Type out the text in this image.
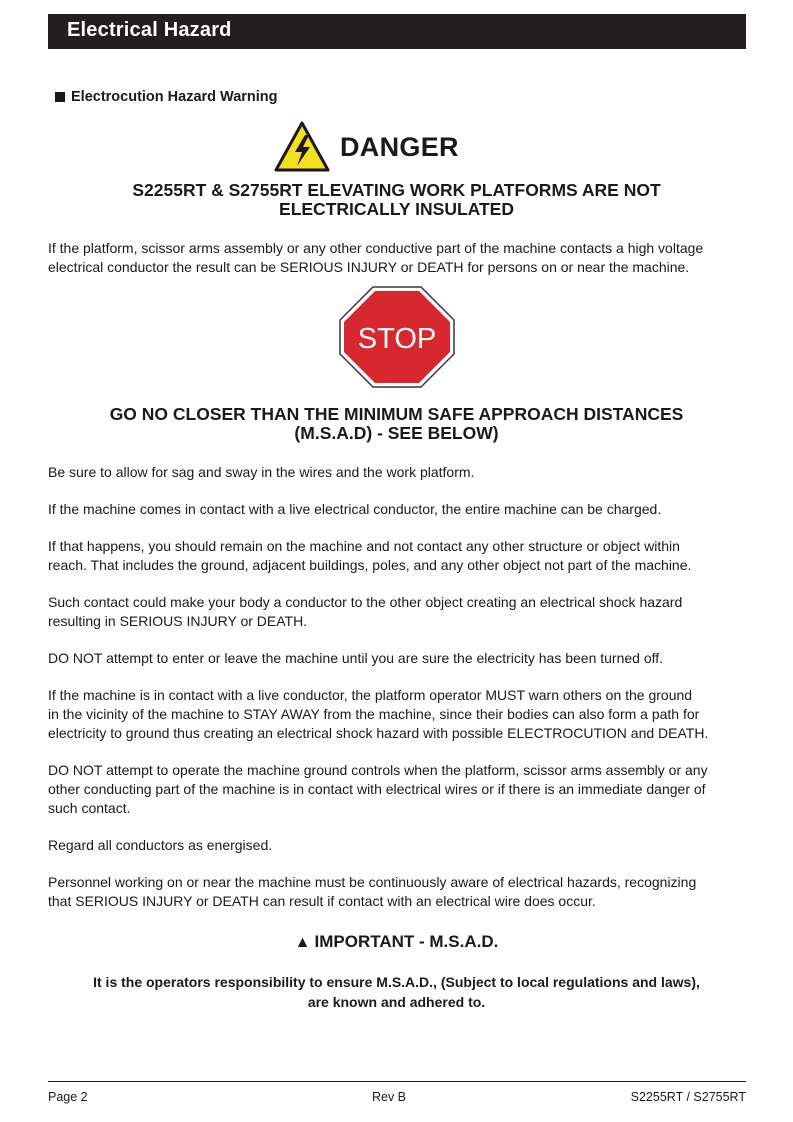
Electrical Hazard
Electrocution Hazard Warning
DANGER
S2255RT & S2755RT ELEVATING WORK PLATFORMS ARE NOT
ELECTRICALLY INSULATED
If the platform, scissor arms assembly or any other conductive part of the machine contacts a high voltage
electrical conductor the result can be SERIOUS INJURY or DEATH for persons on or near the machine.
STOP
GO NO CLOSER THAN THE MINIMUM SAFE APPROACH DISTANCES
(M.S.A.D) - SEE BELOW)
Be sure to allow for sag and sway in the wires and the work platform.
If the machine comes in contact with a live electrical conductor, the entire machine can be charged.
If that happens, you should remain on the machine and not contact any other structure or object within
reach. That includes the ground, adjacent buildings, poles, and any other object not part of the machine.
Such contact could make your body a conductor to the other object creating an electrical shock hazard
resulting in SERIOUS INJURY or DEATH.
DO NOT attempt to enter or leave the machine until you are sure the electricity has been turned off.
If the machine is in contact with a live conductor, the platform operator MUST warn others on the ground
in the vicinity of the machine to STAY AWAY from the machine, since their bodies can also form a path for
electricity to ground thus creating an electrical shock hazard with possible ELECTROCUTION and DEATH.
DO NOT attempt to operate the machine ground controls when the platform, scissor arms assembly or any
other conducting part of the machine is in contact with electrical wires or if there is an immediate danger of
such contact.
Regard all conductors as energised.
Personnel working on or near the machine must be continuously aware of electrical hazards, recognizing
that SERIOUS INJURY or DEATH can result if contact with an electrical wire does occur.
▲ IMPORTANT - M.S.A.D.
It is the operators responsibility to ensure M.S.A.D., (Subject to local regulations and laws),
are known and adhered to.
Page 2	Rev B	S2255RT / S2755RT
